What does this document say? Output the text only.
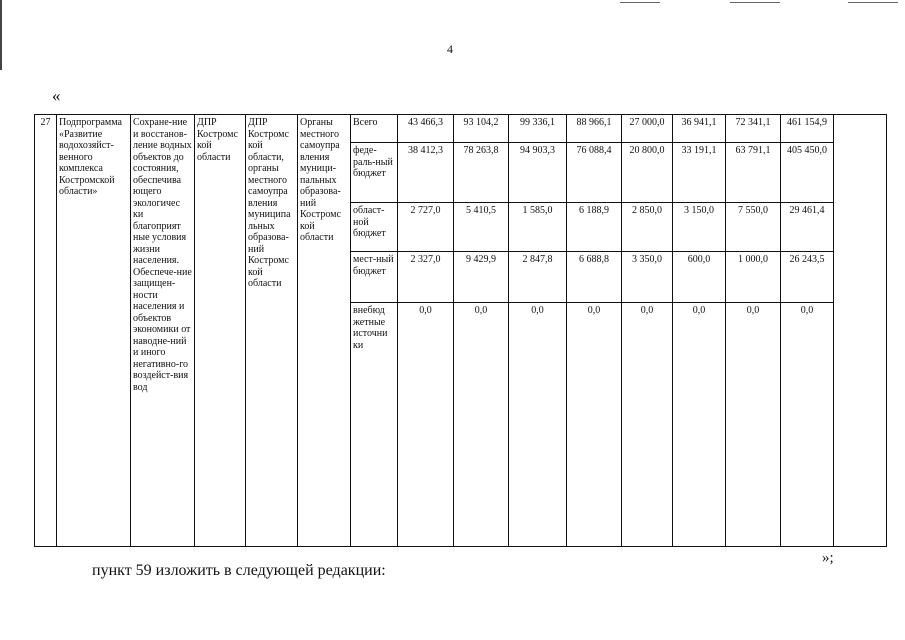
4
«
27	Подпрограмма «Развитие водохозяйст-венного комплекса Костромской области»	Сохране-ние и восстанов-ление водных объектов до состояния, обеспечива ющего экологичес ки благоприят ные условия жизни населения. Обеспече-ние защищен-ности населения и объектов экономики от наводне-ний и иного негативно-го воздейст-вия вод	ДПР Костромс кой области	ДПР Костромс кой области, органы местного самоупра вления муниципа льных образова-ний Костромс кой области	Органы местного самоупра вления муници-пальных образова-ний Костромс кой области	Всего	43 466,3	93 104,2	99 336,1	88 966,1	27 000,0	36 941,1	72 341,1	461 154,9	
						феде-раль-ный бюджет	38 412,3	78 263,8	94 903,3	76 088,4	20 800,0	33 191,1	63 791,1	405 450,0	
						област-ной бюджет	2 727,0	5 410,5	1 585,0	6 188,9	2 850,0	3 150,0	7 550,0	29 461,4	
						мест-ный бюджет	2 327,0	9 429,9	2 847,8	6 688,8	3 350,0	600,0	1 000,0	26 243,5	
						внебюд жетные источни ки	0,0	0,0	0,0	0,0	0,0	0,0	0,0	0,0	
»;
пункт 59 изложить в следующей редакции:
